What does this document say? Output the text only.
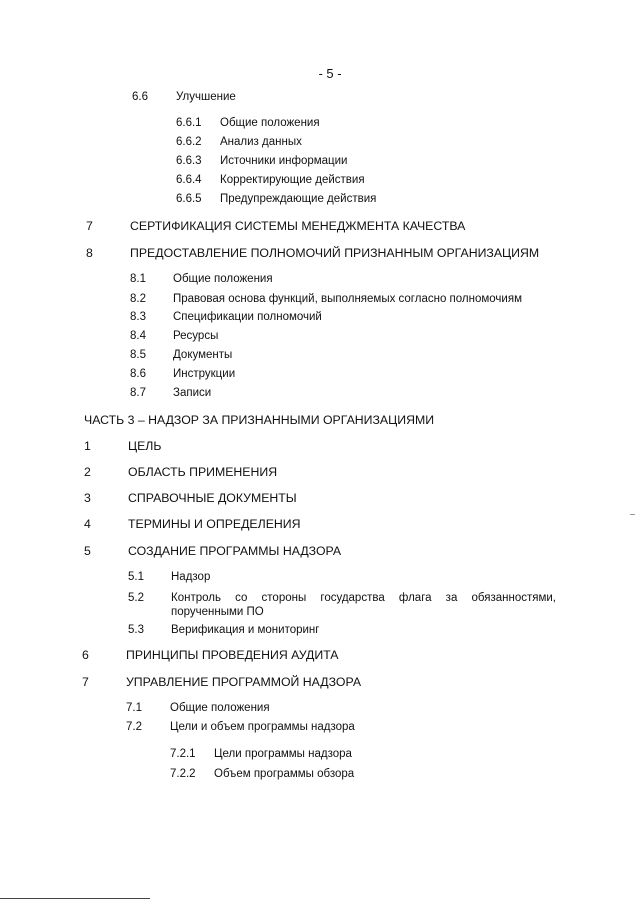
- 5 -
6.6 Улучшение
6.6.1 Общие положения
6.6.2 Анализ данных
6.6.3 Источники информации
6.6.4 Корректирующие действия
6.6.5 Предупреждающие действия
7	СЕРТИФИКАЦИЯ СИСТЕМЫ МЕНЕДЖМЕНТА КАЧЕСТВА
8	ПРЕДОСТАВЛЕНИЕ ПОЛНОМОЧИЙ ПРИЗНАННЫМ ОРГАНИЗАЦИЯМ
8.1 Общие положения
8.2 Правовая основа функций, выполняемых согласно полномочиям
8.3 Спецификации полномочий
8.4 Ресурсы
8.5 Документы
8.6 Инструкции
8.7 Записи
ЧАСТЬ 3 – НАДЗОР ЗА ПРИЗНАННЫМИ ОРГАНИЗАЦИЯМИ
1	ЦЕЛЬ
2	ОБЛАСТЬ ПРИМЕНЕНИЯ
3	СПРАВОЧНЫЕ ДОКУМЕНТЫ
4	ТЕРМИНЫ И ОПРЕДЕЛЕНИЯ
5	СОЗДАНИЕ ПРОГРАММЫ НАДЗОРА
5.1 Надзор
5.2 Контроль со стороны государства флага за обязанностями, порученными ПО
5.3 Верификация и мониторинг
6	ПРИНЦИПЫ ПРОВЕДЕНИЯ АУДИТА
7	УПРАВЛЕНИЕ ПРОГРАММОЙ НАДЗОРА
7.1 Общие положения
7.2 Цели и объем программы надзора
7.2.1 Цели программы надзора
7.2.2 Объем программы обзора
